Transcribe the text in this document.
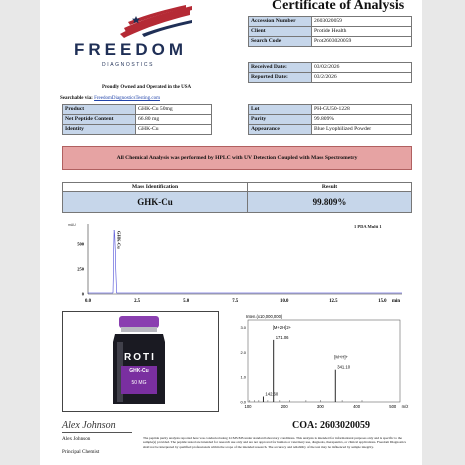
FREEDOM
DIAGNOSTICS
Proudly Owned and Operated in the USA
Searchable via: FreedomDiagnosticsTesting.com
Certificate of Analysis
Accession Number	2603020059
Client	Protide Health
Search Code	Prot2603020059
Received Date:	03/02/2026
Reported Date:	03/2/2026
Product	GHK-Cu 50mg
Net Peptide Content	66.80 mg
Identity	GHK-Cu
Lot	PH-GU50-1228
Purity	99.809%
Appearance	Blue Lyophilized Powder
All Chemical Analysis was performed by HPLC with UV Detection Coupled with Mass Spectrometry
Mass Identification	Result
GHK-Cu	99.809%
mAU	1 PDA Multi 1
500
250
0
0.0	2.5	5.0	7.5	10.0	12.5	15.0 min
GHK-Cu
ROTI
GHK-Cu
50 MG
Inten.(x10,000,000)
3.0
2.0
1.0
0.0
100	200	300	400	500 m/z
142.60
171.06
[M+2H]2+
341.10
[M+H]+
Alex Johnson
Alex Johnson
Principal Chemist
COA: 2603020059
The peptide purity analysis reported here was conducted using LCMS/MS under standard laboratory conditions. This analysis is intended for informational purposes only and is specific to the sample(s) provided. The peptide tested are intended for research use only and are not approved for human or veterinary use, diagnosis, therapeutics, or clinical applications. Freedom Diagnostics shall not be interpreted by qualified professionals within the scope of the intended research. The accuracy and reliability of the test may be influenced by sample integrity.
